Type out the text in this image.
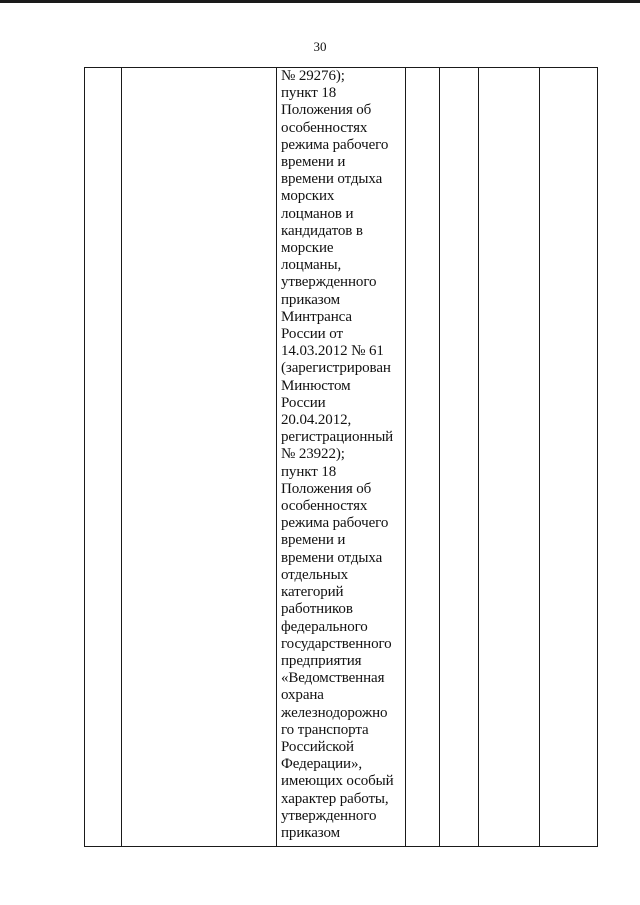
30

№ 29276);
пункт 18
Положения об
особенностях
режима рабочего
времени и
времени отдыха
морских
лоцманов и
кандидатов в
морские
лоцманы,
утвержденного
приказом
Минтранса
России от
14.03.2012 № 61
(зарегистрирован
Минюстом
России
20.04.2012,
регистрационный
№ 23922);
пункт 18
Положения об
особенностях
режима рабочего
времени и
времени отдыха
отдельных
категорий
работников
федерального
государственного
предприятия
«Ведомственная
охрана
железнодорожно
го транспорта
Российской
Федерации»,
имеющих особый
характер работы,
утвержденного
приказом
